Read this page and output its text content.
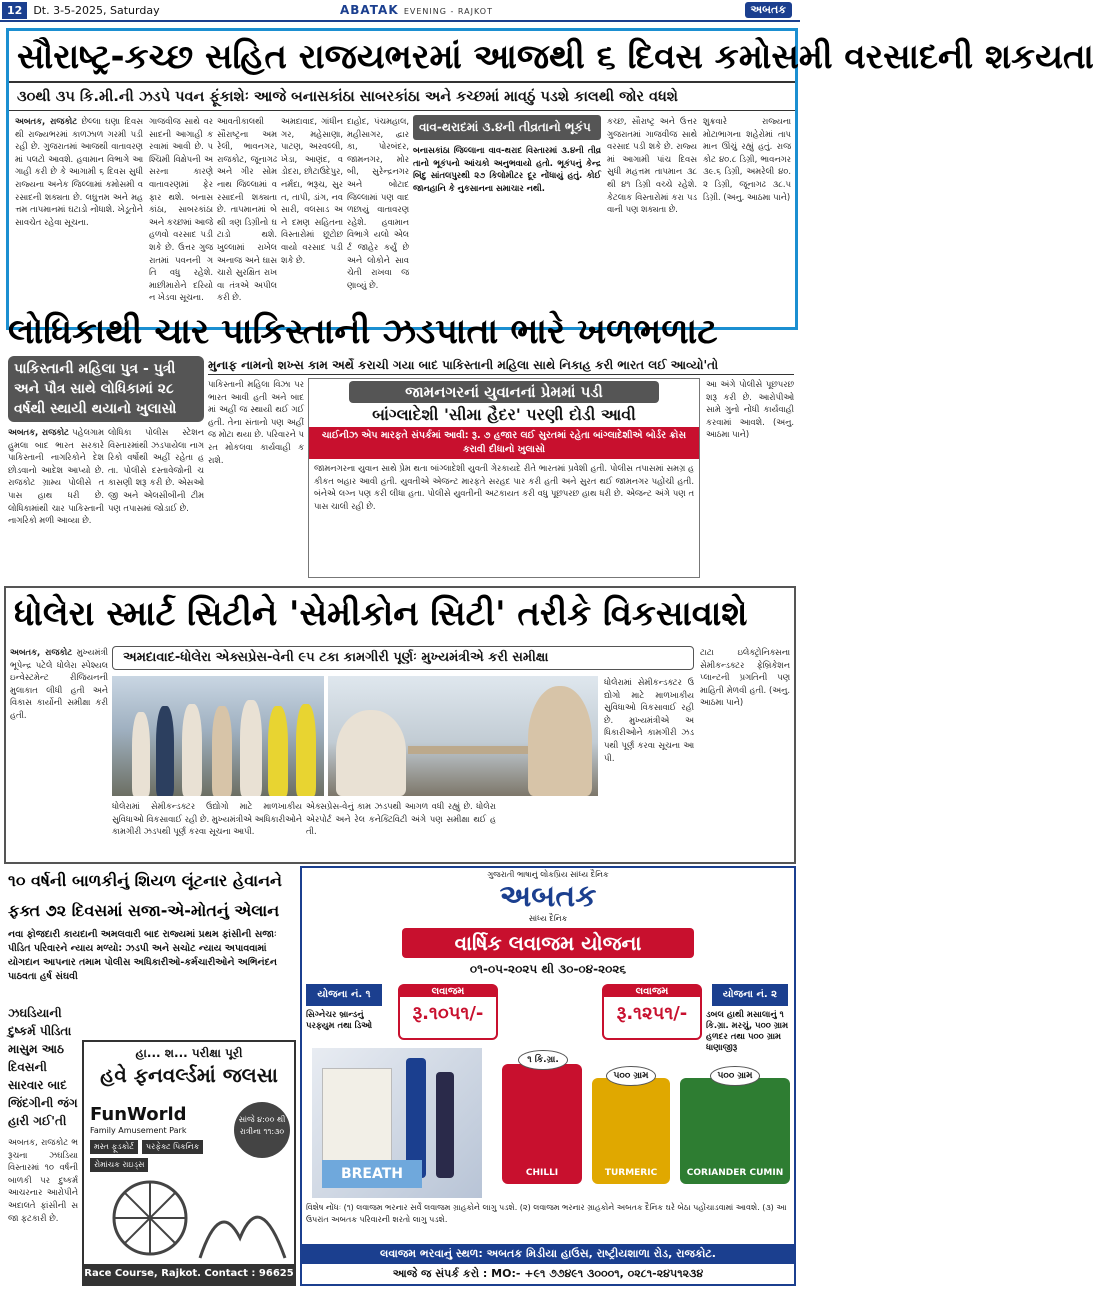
12	Dt. 3-5-2025, Saturday	ABATAK EVENING - RAJKOT	અબતક
સૌરાષ્ટ્ર-કચ્છ સહિત રાજયભરમાં આજથી ૬ દિવસ કમોસમી વરસાદની શકયતા
૩૦થી ૩૫ કિ.મી.ની ઝડપે પવન ફૂંકાશેઃ આજે બનાસકાંઠા સાબરકાંઠા અને કચ્છમાં માવઠું પડશે કાલથી જોર વધશે
અબતક, રાજકોટ છેલ્લા ઘણા દિવસથી રાજ્યભરમાં કાળઝાળ ગરમી પડી રહી છે. ગુજરાતમાં આજથી વાતાવરણમાં પલટો આવશે. હવામાન વિભાગે આગાહી કરી છે કે આગામી ૬ દિવસ સુધી રાજ્યના અનેક જિલ્લામાં કમોસમી વરસાદની શક્યતા છે. લઘુત્તમ અને મહત્તમ તાપમાનમાં ઘટાડો નોંધાશે. ખેડૂતોને સાવચેત રહેવા સૂચના.
ગાજવીજ સાથે વરસાદની આગાહી કરવામાં આવી છે. પશ્ચિમી વિક્ષેપની અસરના કારણે વાતાવરણમાં ફેરફાર થશે. બનાસકાંઠા, સાબરકાંઠા અને કચ્છમાં આજે હળવો વરસાદ પડી શકે છે. ઉત્તર ગુજરાતમાં પવનની ગતિ વધુ રહેશે. માછીમારોને દરિયો ન ખેડવા સૂચના.
આવતીકાલથી સૌરાષ્ટ્રના અમરેલી, ભાવનગર, રાજકોટ, જૂનાગઢ અને ગીર સોમનાથ જિલ્લામાં વરસાદની શક્યતા છે. તાપમાનમાં બે થી ત્રણ ડિગ્રીનો ઘટાડો થશે. ખુલ્લામાં રાખેલ અનાજ અને ઘાસચારો સુરક્ષિત રાખવા તંત્રએ અપીલ કરી છે.
અમદાવાદ, ગાંધીનગર, મહેસાણા, પાટણ, અરવલ્લી, ખેડા, આણંદ, વડોદરા, છોટાઉદેપુર, નર્મદા, ભરૂચ, સુરત, તાપી, ડાંગ, નવસારી, વલસાડ અને દમણ સહિતના વિસ્તારોમાં છૂટોછવાયો વરસાદ પડી શકે છે.
દાહોદ, પંચમહાલ, મહીસાગર, દ્વારકા, પોરબંદર, જામનગર, મોરબી, સુરેન્દ્રનગર અને બોટાદ જિલ્લામાં પણ વાદળછાયું વાતાવરણ રહેશે. હવામાન વિભાગે યલો એલર્ટ જાહેર કર્યું છે અને લોકોને સાવચેતી રાખવા જણાવ્યું છે.
વાવ-થરાદમાં ૩.૪ની તીવ્રતાનો ભૂકંપ
બનાસકાંઠા જિલ્લાના વાવ-થરાદ વિસ્તારમાં ૩.૪ની તીવ્રતાનો ભૂકંપનો આંચકો અનુભવાયો હતો. ભૂકંપનું કેન્દ્રબિંદુ સાંતલપુરથી ૨૭ કિલોમીટર દૂર નોંધાયું હતું. કોઈ જાનહાનિ કે નુકસાનના સમાચાર નથી.
કચ્છ, સૌરાષ્ટ્ર અને ઉત્તર ગુજરાતમાં ગાજવીજ સાથે વરસાદ પડી શકે છે. રાજ્યમાં આગામી પાંચ દિવસ સુધી મહત્તમ તાપમાન ૩૮ થી ૪૧ ડિગ્રી વચ્ચે રહેશે. કેટલાક વિસ્તારોમાં કરા પડવાની પણ શક્યતા છે.
શુક્રવારે રાજ્યના મોટાભાગના શહેરોમાં તાપમાન ઊંચું રહ્યું હતું. રાજકોટ ૪૦.૮ ડિગ્રી, ભાવનગર ૩૯.૬ ડિગ્રી, અમરેલી ૪૦.૨ ડિગ્રી, જૂનાગઢ ૩૮.૫ ડિગ્રી. (અનુ. આઠમા પાને)
લોધિકાથી ચાર પાકિસ્તાની ઝડપાતા ભારે ખળભળાટ
પાકિસ્તાની મહિલા પુત્ર - પુત્રી અને પૌત્ર સાથે લોધિકામાં ૨૮ વર્ષથી સ્થાયી થયાનો ખુલાસો
મુનાફ નામનો શખ્સ કામ અર્થે કરાચી ગયા બાદ પાકિસ્તાની મહિલા સાથે નિકાહ કરી ભારત લઈ આવ્યો'તો
અબતક, રાજકોટ પહેલગામ હુમલા બાદ ભારત સરકારે પાકિસ્તાની નાગરિકોને દેશ છોડવાનો આદેશ આપ્યો છે. રાજકોટ ગ્રામ્ય પોલીસે તપાસ હાથ ધરી છે. લોધિકામાંથી ચાર પાકિસ્તાની નાગરિકો મળી આવ્યા છે.
લોધિકા પોલીસ સ્ટેશન વિસ્તારમાંથી ઝડપાયેલા નાગરિકો વર્ષોથી અહીં રહેતા હતા. પોલીસે દસ્તાવેજોની ચકાસણી શરૂ કરી છે. એસઓજી અને એલસીબીની ટીમ પણ તપાસમાં જોડાઈ છે.
પાકિસ્તાની મહિલા વિઝા પર ભારત આવી હતી અને બાદમાં અહીં જ સ્થાયી થઈ ગઈ હતી. તેના સંતાનો પણ અહીં જ મોટા થયા છે. પરિવારને પરત મોકલવા કાર્યવાહી કરાશે.
જામનગરનાં યુવાનનાં પ્રેમમાં પડી
બાંગ્લાદેશી 'સીમા હૈદર' પરણી દોડી આવી
ચાઈનીઝ એપ મારફતે સંપર્કમાં આવી: રૂ. ૭ હજાર લઈ સુરતમાં રહેતા બાંગ્લાદેશીએ બોર્ડર ક્રોસ કરાવી દીધાનો ખુલાસો
જામનગરના યુવાન સાથે પ્રેમ થતા બાંગ્લાદેશી યુવતી ગેરકાયદે રીતે ભારતમાં પ્રવેશી હતી. પોલીસ તપાસમાં સમગ્ર હકીકત બહાર આવી હતી. યુવતીએ એજન્ટ મારફતે સરહદ પાર કરી હતી અને સુરત થઈ જામનગર પહોંચી હતી. બંનેએ લગ્ન પણ કરી લીધા હતા. પોલીસે યુવતીની અટકાયત કરી વધુ પૂછપરછ હાથ ધરી છે. એજન્ટ અંગે પણ તપાસ ચાલી રહી છે.
આ અંગે પોલીસે પૂછપરછ શરૂ કરી છે. આરોપીઓ સામે ગુનો નોંધી કાર્યવાહી કરવામાં આવશે. (અનુ. આઠમા પાને)
ધોલેરા સ્માર્ટ સિટીને 'સેમીકોન સિટી' તરીકે વિકસાવાશે
અબતક, રાજકોટ મુખ્યમંત્રી ભૂપેન્દ્ર પટેલે ધોલેરા સ્પેશ્યલ ઇન્વેસ્ટમેન્ટ રીજિયનની મુલાકાત લીધી હતી અને વિકાસ કાર્યોની સમીક્ષા કરી હતી.
અમદાવાદ-ધોલેરા એક્સપ્રેસ-વેની ૯૫ ટકા કામગીરી પૂર્ણઃ મુખ્યમંત્રીએ કરી સમીક્ષા
ધોલેરામાં સેમીકન્ડક્ટર ઉદ્યોગો માટે માળખાકીય સુવિધાઓ વિકસાવાઈ રહી છે. મુખ્યમંત્રીએ અધિકારીઓને કામગીરી ઝડપથી પૂર્ણ કરવા સૂચના આપી.
એક્સપ્રેસ-વેનું કામ ઝડપથી આગળ વધી રહ્યું છે. ધોલેરા એરપોર્ટ અને રેલ કનેક્ટિવિટી અંગે પણ સમીક્ષા થઈ હતી.
ધોલેરામાં સેમીકન્ડક્ટર ઉદ્યોગો માટે માળખાકીય સુવિધાઓ વિકસાવાઈ રહી છે. મુખ્યમંત્રીએ અધિકારીઓને કામગીરી ઝડપથી પૂર્ણ કરવા સૂચના આપી.
ટાટા ઇલેક્ટ્રોનિક્સના સેમીકન્ડક્ટર ફેબ્રિકેશન પ્લાન્ટની પ્રગતિની પણ માહિતી મેળવી હતી. (અનુ. આઠમા પાને)
૧૦ વર્ષની બાળકીનું શિયળ લૂંટનાર હેવાનને
ફક્ત ૭૨ દિવસમાં સજા-એ-મોતનું એલાન
નવા ફોજદારી કાયદાની અમલવારી બાદ રાજ્યમાં પ્રથમ ફાંસીની સજાઃ પીડિત પરિવારને ન્યાય મળ્યો: ઝડપી અને સચોટ ન્યાય અપાવવામાં યોગદાન આપનાર તમામ પોલીસ અધિકારીઓ-કર્મચારીઓને અભિનંદન પાઠવતા હર્ષ સંઘવી
ઝઘડિયાની દુષ્કર્મ પીડિતા માસુમ આઠ દિવસની સારવાર બાદ જિંદગીની જંગ હારી ગઈ'તી
અબતક, રાજકોટ ભરૂચના ઝઘડિયા વિસ્તારમાં ૧૦ વર્ષની બાળકી પર દુષ્કર્મ આચરનાર આરોપીને અદાલતે ફાંસીની સજા ફટકારી છે.
હા... શ... પરીક્ષા પૂરી
હવે ફનવર્લ્ડમાં જલસા
FunWorld
Family Amusement Park
સાંજે ૪:૦૦ થી રાત્રીના ૧૧:૩૦
મસ્ત ફૂડકોર્ટ	પરફેક્ટ પિકનિક
રોમાંચક રાઇડ્સ
Race Course, Rajkot. Contact : 96625 12859
ગુજરાતી ભાષાનું લોકપ્રિય સાંધ્ય દૈનિક
અબતક
સાંધ્ય દૈનિક
વાર્ષિક લવાજમ યોજના
૦૧-૦૫-૨૦૨૫ થી ૩૦-૦૪-૨૦૨૬
યોજના નં. ૧	યોજના નં. ૨
લવાજમ
રૂ.૧૦૫૧/-
લવાજમ
રૂ.૧૨૫૧/-
સિગ્નેચર બ્રાન્ડનું પરફ્યુમ તથા ડિઓ
ડબલ હાથી મસાલાનું ૧ કિ.ગ્રા. મરચું, ૫૦૦ ગ્રામ હળદર તથા ૫૦૦ ગ્રામ ધાણાજીરૂ
BREATH	CHILLI	TURMERIC	CORIANDER CUMIN
૧ કિ.ગ્રા.
૫૦૦ ગ્રામ	૫૦૦ ગ્રામ
વિશેષ નોંધઃ (૧) લવાજમ ભરનાર સર્વે લવાજમ ગ્રાહકોને લાગુ પડશે. (૨) લવાજમ ભરનાર ગ્રાહકોને અબતક દૈનિક ઘરે બેઠા પહોંચાડવામાં આવશે. (૩) આ ઉપરાંત અબતક પરિવારની શરતો લાગુ પડશે.
લવાજમ ભરવાનું સ્થળ: અબતક મિડીયા હાઉસ, રાષ્ટ્રીયશાળા રોડ, રાજકોટ.
આજે જ સંપર્ક કરો : MO:- +૯૧ ૭૭૪૯૧ ૩૦૦૦૧, ૦૨૮૧-૨૪૫૧૨૩૪
